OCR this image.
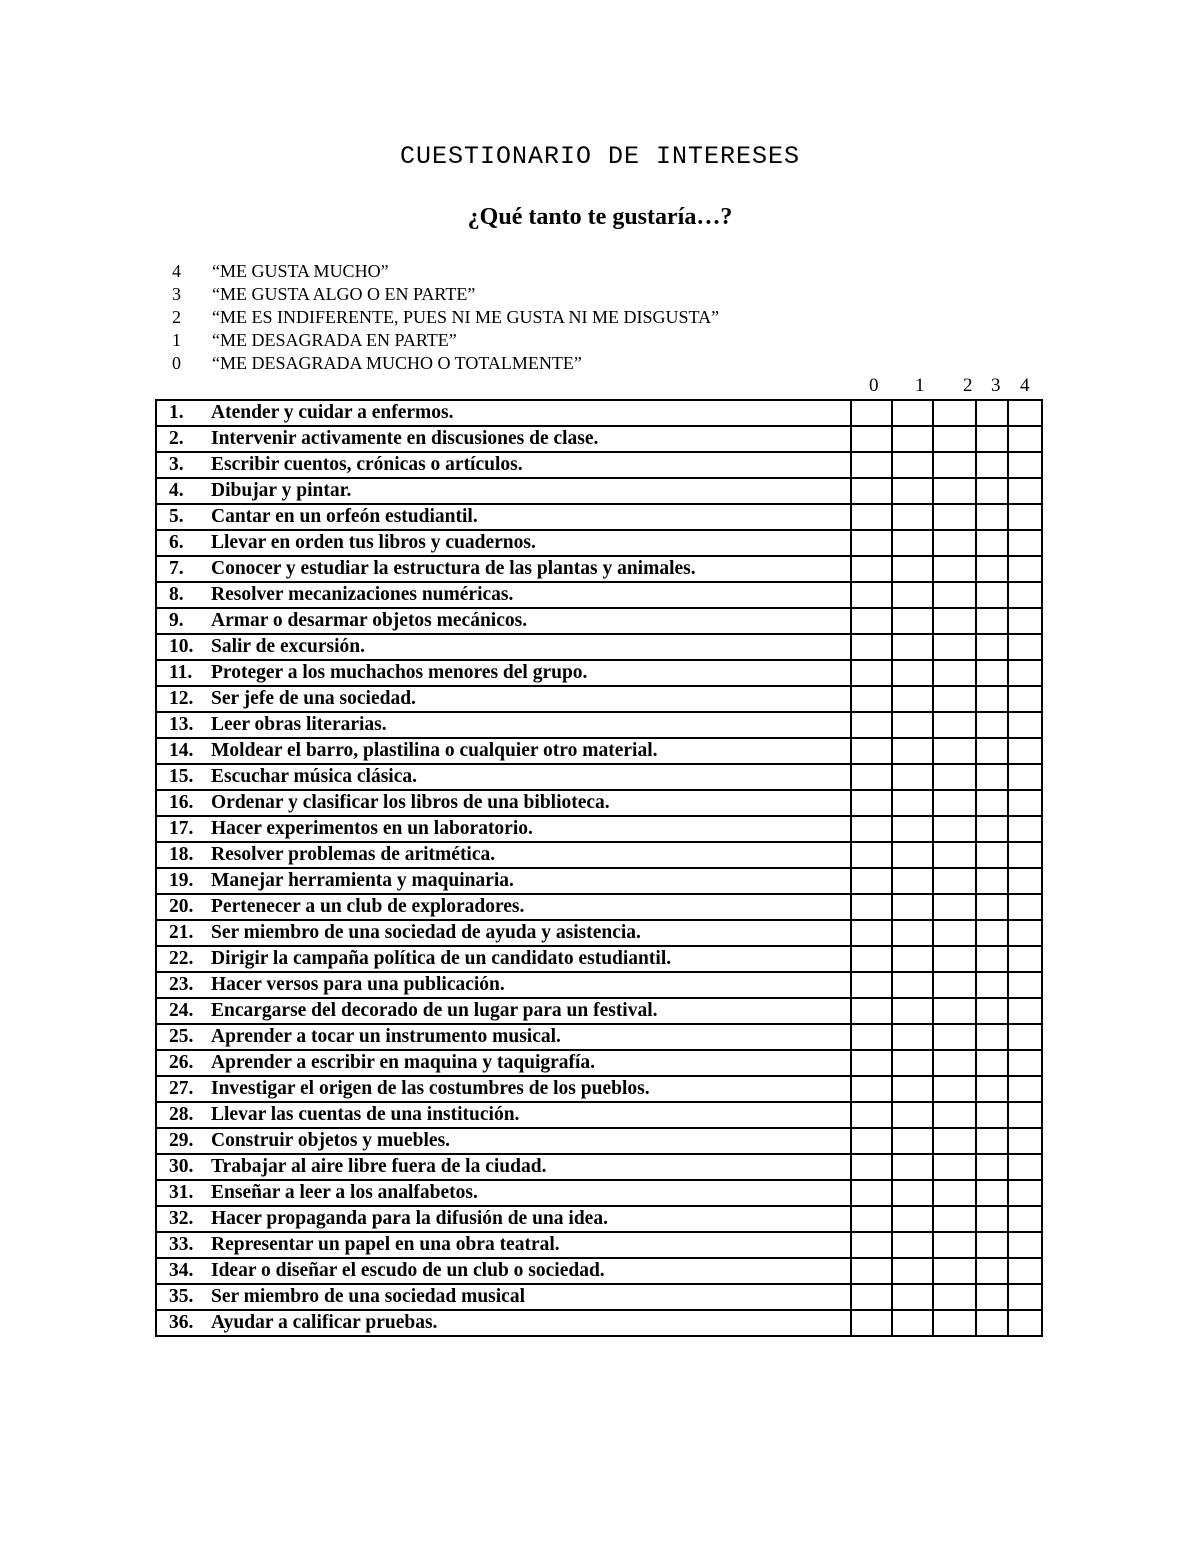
CUESTIONARIO DE INTERESES
¿Qué tanto te gustaría…?
4	“ME GUSTA MUCHO”
3	“ME GUSTA ALGO O EN PARTE”
2	“ME ES INDIFERENTE, PUES NI ME GUSTA NI ME DISGUSTA”
1	“ME DESAGRADA EN PARTE”
0	“ME DESAGRADA MUCHO O TOTALMENTE”
0 1 2 3 4
1. Atender y cuidar a enfermos.					
2. Intervenir activamente en discusiones de clase.					
3. Escribir cuentos, crónicas o artículos.					
4. Dibujar y pintar.					
5. Cantar en un orfeón estudiantil.					
6. Llevar en orden tus libros y cuadernos.					
7. Conocer y estudiar la estructura de las plantas y animales.					
8. Resolver mecanizaciones numéricas.					
9. Armar o desarmar objetos mecánicos.					
10. Salir de excursión.					
11. Proteger a los muchachos menores del grupo.					
12. Ser jefe de una sociedad.					
13. Leer obras literarias.					
14. Moldear el barro, plastilina o cualquier otro material.					
15. Escuchar música clásica.					
16. Ordenar y clasificar los libros de una biblioteca.					
17. Hacer experimentos en un laboratorio.					
18. Resolver problemas de aritmética.					
19. Manejar herramienta y maquinaria.					
20. Pertenecer a un club de exploradores.					
21. Ser miembro de una sociedad de ayuda y asistencia.					
22. Dirigir la campaña política de un candidato estudiantil.					
23. Hacer versos para una publicación.					
24. Encargarse del decorado de un lugar para un festival.					
25. Aprender a tocar un instrumento musical.					
26. Aprender a escribir en maquina y taquigrafía.					
27. Investigar el origen de las costumbres de los pueblos.					
28. Llevar las cuentas de una institución.					
29. Construir objetos y muebles.					
30. Trabajar al aire libre fuera de la ciudad.					
31. Enseñar a leer a los analfabetos.					
32. Hacer propaganda para la difusión de una idea.					
33. Representar un papel en una obra teatral.					
34. Idear o diseñar el escudo de un club o sociedad.					
35. Ser miembro de una sociedad musical					
36. Ayudar a calificar pruebas.					
